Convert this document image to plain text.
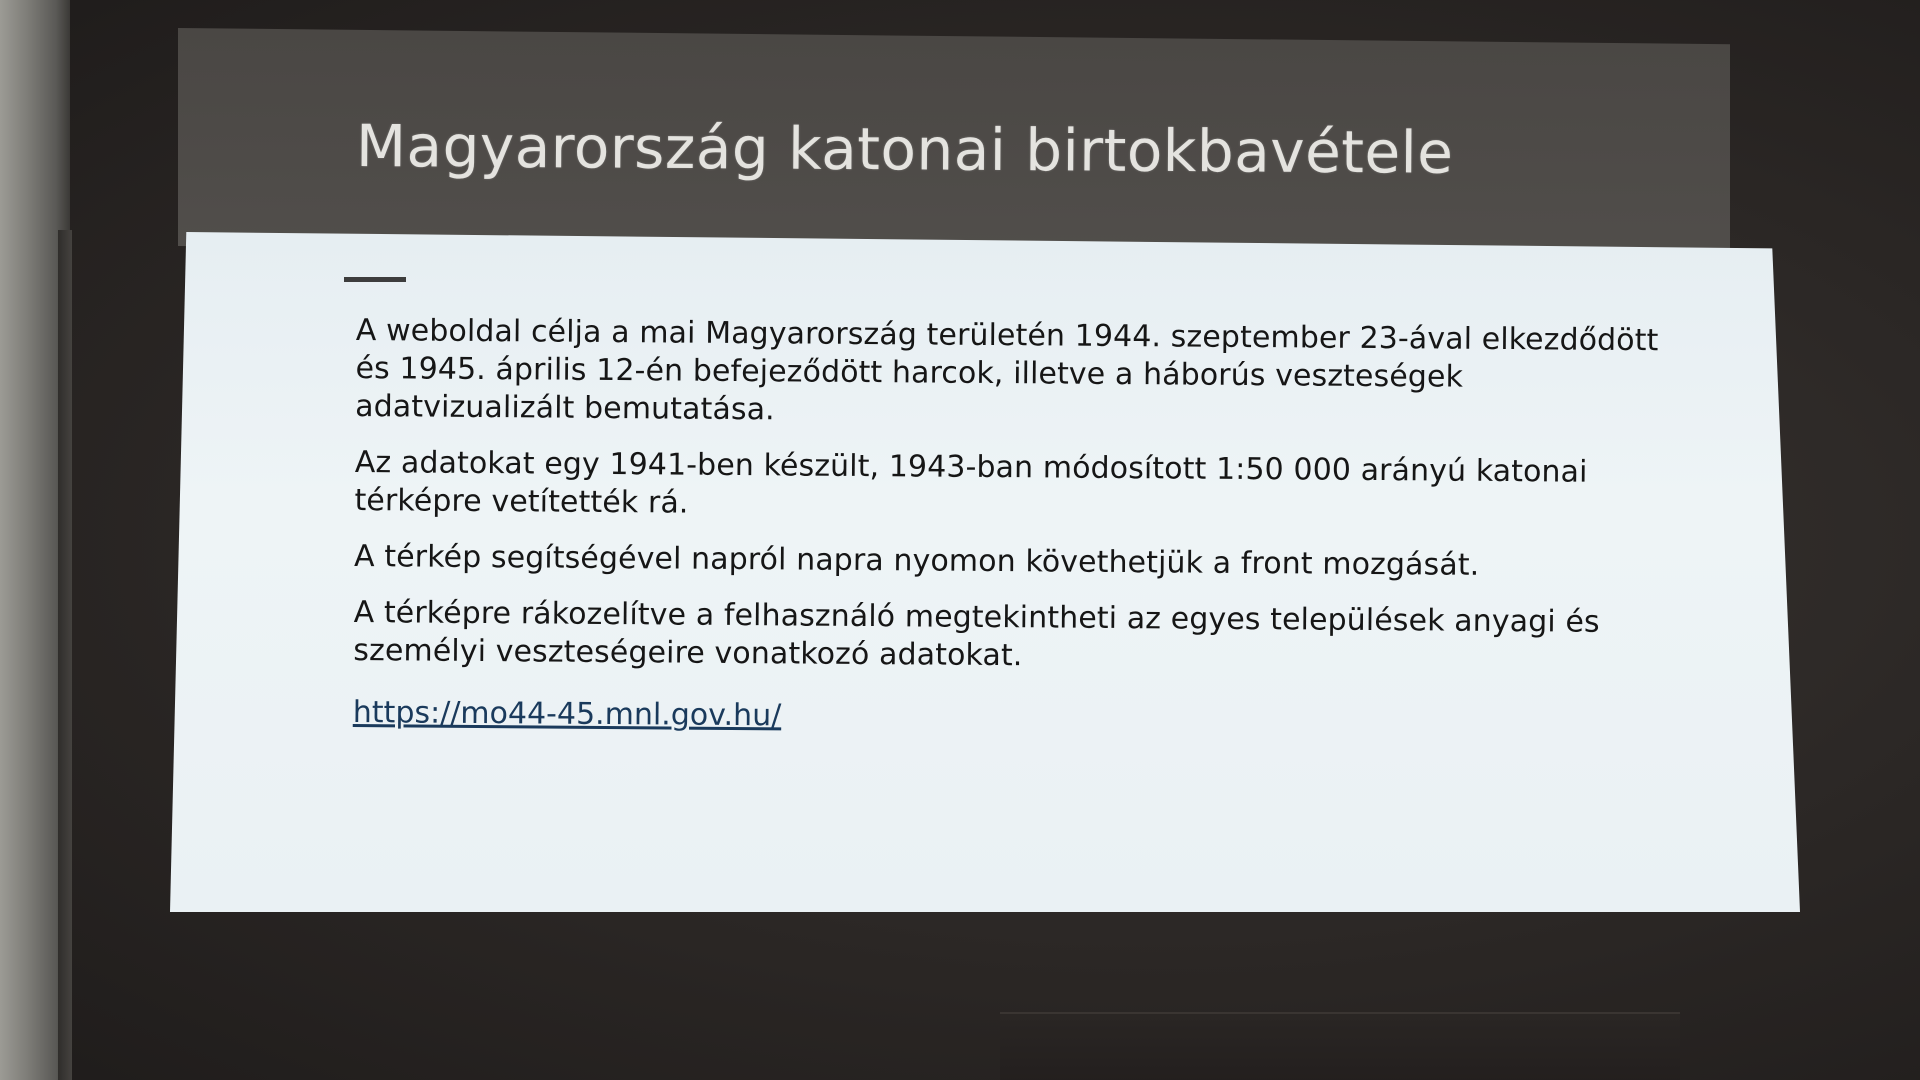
Magyarország katonai birtokbavétele

A weboldal célja a mai Magyarország területén 1944. szeptember 23-ával elkezdődött és 1945. április 12-én befejeződött harcok, illetve a háborús veszteségek adatvizualizált bemutatása.

Az adatokat egy 1941-ben készült, 1943-ban módosított 1:50 000 arányú katonai térképre vetítették rá.

A térkép segítségével napról napra nyomon követhetjük a front mozgását.

A térképre rákozelítve a felhasználó megtekintheti az egyes települések anyagi és személyi veszteségeire vonatkozó adatokat.

https://mo44-45.mnl.gov.hu/
